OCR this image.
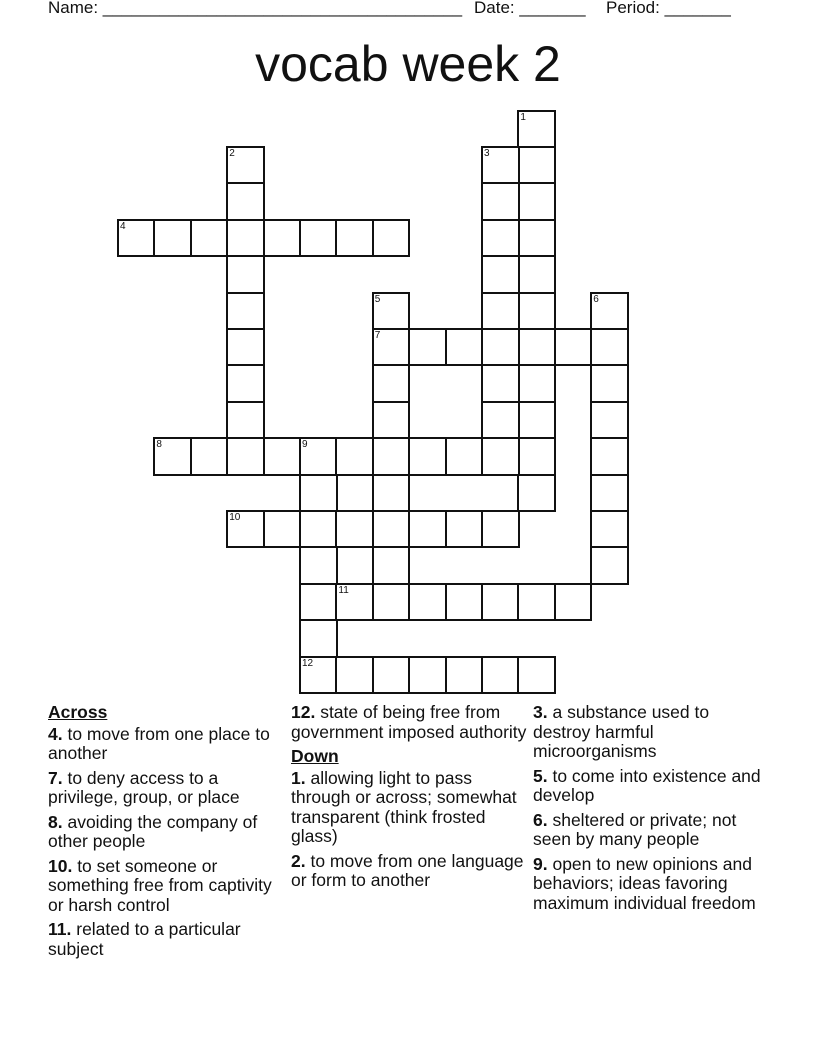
Name: ______________________________________ Date: _______ Period: _______
vocab week 2
1
2	3
4
5
7
6
8	9
12
10
11
Across
4. to move from one place to another
7. to deny access to a privilege, group, or place
8. avoiding the company of other people
10. to set someone or something free from captivity or harsh control
11. related to a particular subject
12. state of being free from government imposed authority
Down
1. allowing light to pass through or across; somewhat transparent (think frosted glass)
2. to move from one language or form to another
3. a substance used to destroy harmful microorganisms
5. to come into existence and develop
6. sheltered or private; not seen by many people
9. open to new opinions and behaviors; ideas favoring maximum individual freedom
